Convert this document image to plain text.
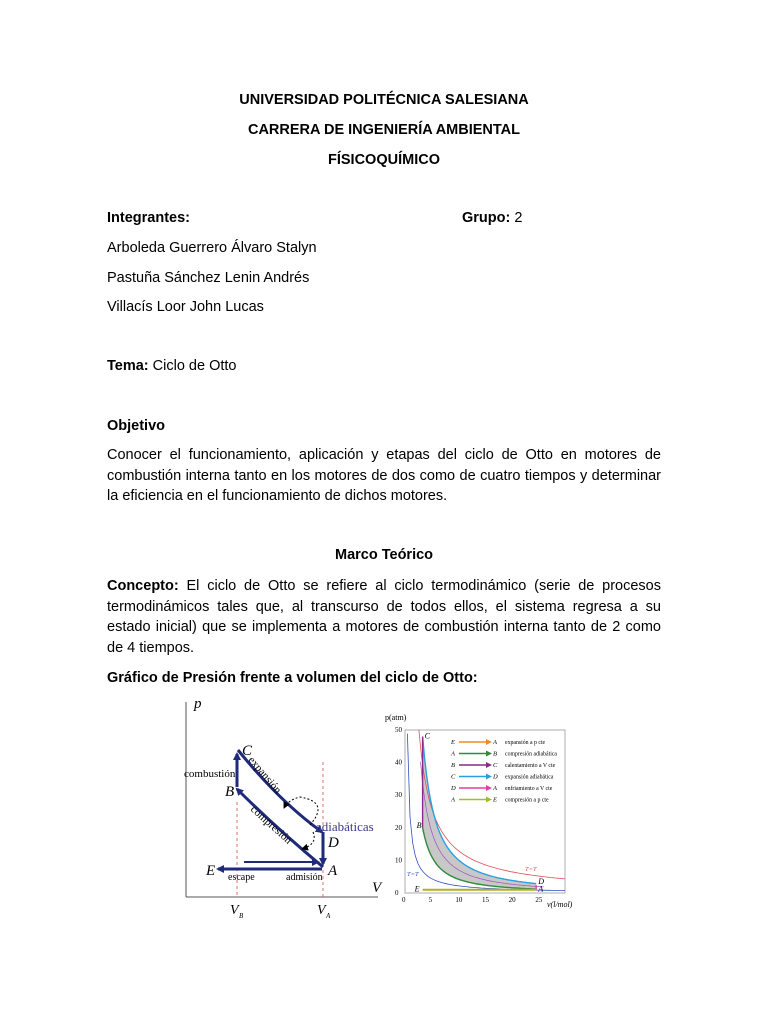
UNIVERSIDAD POLITÉCNICA SALESIANA
CARRERA DE INGENIERÍA AMBIENTAL
FÍSICOQUÍMICO
Integrantes:	Grupo: 2
Arboleda Guerrero Álvaro Stalyn
Pastuña Sánchez Lenin Andrés
Villacís Loor John Lucas
Tema: Ciclo de Otto
Objetivo
Conocer el funcionamiento, aplicación y etapas del ciclo de Otto en motores de combustión interna tanto en los motores de dos como de cuatro tiempos y determinar la eficiencia en el funcionamiento de dichos motores.
Marco Teórico
Concepto: El ciclo de Otto se refiere al ciclo termodinámico (serie de procesos termodinámicos tales que, al transcurso de todos ellos, el sistema regresa a su estado inicial) que se implementa a motores de combustión interna tanto de 2 como de 4 tiempos.
Gráfico de Presión frente a volumen del ciclo de Otto:
p
V
C
B
D
A
E
combustión expansión
compresión adiabáticas
escape	admisión
V B	V A
p(atm)
v(l/mol)
0	5	10	15	20	25
0
10
20
30
40
50
A
B
C
D
E
T=T
T=T
E	A expansión a p cte
A	B compresión adiabática
B	C calentamiento a V cte
C	D expansión adiabática
D	A enfriamiento a V cte
A	E compresión a p cte
